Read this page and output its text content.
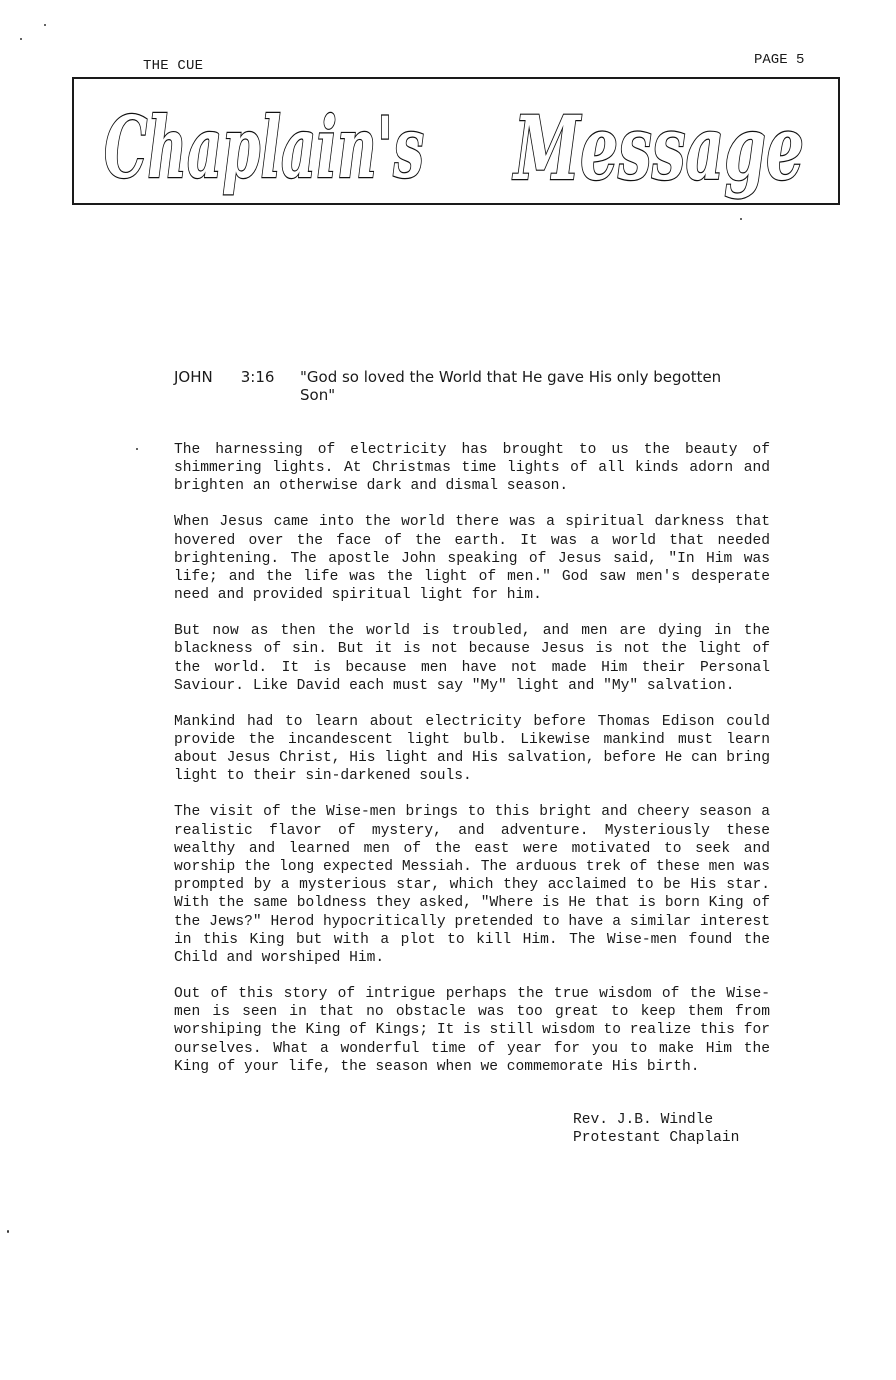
THE CUE	PAGE 5
Chaplain's Message
JOHN 3:16 "God so loved the World that He gave His only begotten Son"

The harnessing of electricity has brought to us the beauty of shimmering lights. At Christmas time lights of all kinds adorn and brighten an otherwise dark and dismal season.

When Jesus came into the world there was a spiritual darkness that hovered over the face of the earth. It was a world that needed brightening. The apostle John speaking of Jesus said, "In Him was life; and the life was the light of men." God saw men's desperate need and provided spiritual light for him.

But now as then the world is troubled, and men are dying in the blackness of sin. But it is not because Jesus is not the light of the world. It is because men have not made Him their Personal Saviour. Like David each must say "My" light and "My" salvation.

Mankind had to learn about electricity before Thomas Edison could provide the incandescent light bulb. Likewise mankind must learn about Jesus Christ, His light and His salvation, before He can bring light to their sin-darkened souls.

The visit of the Wise-men brings to this bright and cheery season a realistic flavor of mystery, and adventure. Mysteriously these wealthy and learned men of the east were motivated to seek and worship the long expected Messiah. The arduous trek of these men was prompted by a mysterious star, which they acclaimed to be His star. With the same boldness they asked, "Where is He that is born King of the Jews?" Herod hypocritically pretended to have a similar interest in this King but with a plot to kill Him. The Wise-men found the Child and worshiped Him.

Out of this story of intrigue perhaps the true wisdom of the Wise-men is seen in that no obstacle was too great to keep them from worshiping the King of Kings; It is still wisdom to realize this for ourselves. What a wonderful time of year for you to make Him the King of your life, the season when we commemorate His birth.

Rev. J.B. Windle
Protestant Chaplain
